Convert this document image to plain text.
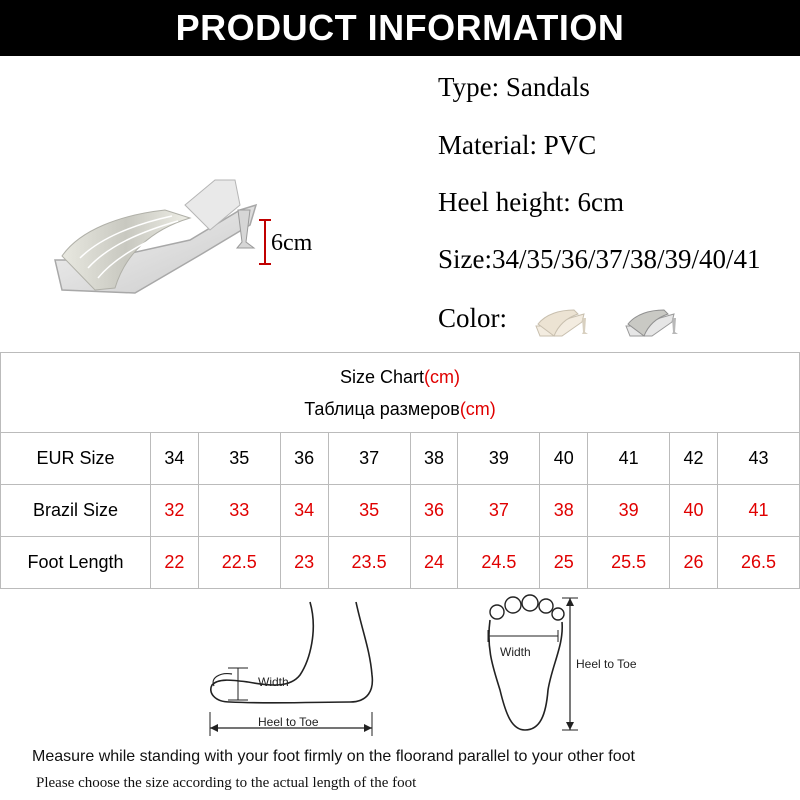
PRODUCT INFORMATION
6cm
Type: Sandals
Material: PVC
Heel height: 6cm
Size:34/35/36/37/38/39/40/41
Color:
Size Chart(cm)
Таблица размеров(cm)										

EUR Size	34	35	36	37	38	39	40	41	42	43
Brazil Size	32	33	34	35	36	37	38	39	40	41
Foot Length	22	22.5	23	23.5	24	24.5	25	25.5	26	26.5
Width
Heel to Toe
Width
Heel to Toe
Measure while standing with your foot firmly on the floorand parallel to your other foot
Please choose the size according to the actual length of the foot
